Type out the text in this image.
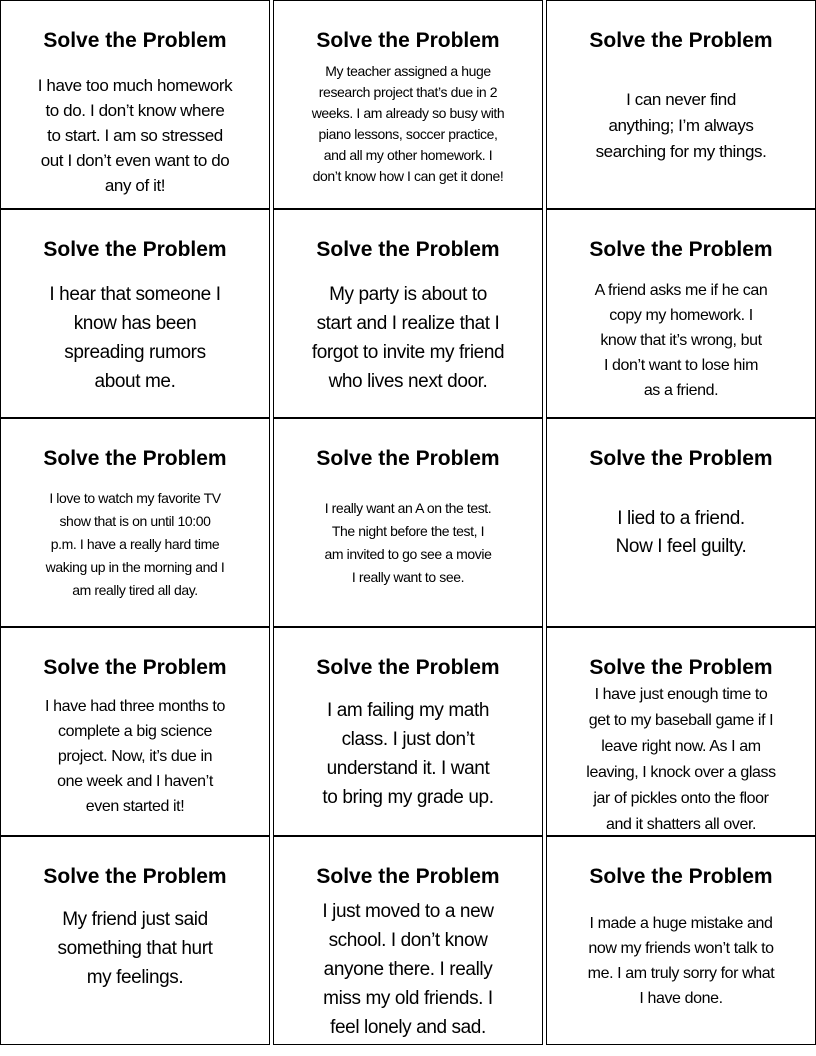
Solve the Problem
I have too much homework
to do. I don’t know where
to start. I am so stressed
out I don’t even want to do
any of it!
Solve the Problem
My teacher assigned a huge
research project that’s due in 2
weeks. I am already so busy with
piano lessons, soccer practice,
and all my other homework. I
don’t know how I can get it done!
Solve the Problem
I can never find
anything; I’m always
searching for my things.
Solve the Problem
I hear that someone I
know has been
spreading rumors
about me.
Solve the Problem
My party is about to
start and I realize that I
forgot to invite my friend
who lives next door.
Solve the Problem
A friend asks me if he can
copy my homework. I
know that it’s wrong, but
I don’t want to lose him
as a friend.
Solve the Problem
I love to watch my favorite TV
show that is on until 10:00
p.m. I have a really hard time
waking up in the morning and I
am really tired all day.
Solve the Problem
I really want an A on the test.
The night before the test, I
am invited to go see a movie
I really want to see.
Solve the Problem
I lied to a friend.
Now I feel guilty.
Solve the Problem
I have had three months to
complete a big science
project. Now, it’s due in
one week and I haven’t
even started it!
Solve the Problem
I am failing my math
class. I just don’t
understand it. I want
to bring my grade up.
Solve the Problem
I have just enough time to
get to my baseball game if I
leave right now. As I am
leaving, I knock over a glass
jar of pickles onto the floor
and it shatters all over.
Solve the Problem
My friend just said
something that hurt
my feelings.
Solve the Problem
I just moved to a new
school. I don’t know
anyone there. I really
miss my old friends. I
feel lonely and sad.
Solve the Problem
I made a huge mistake and
now my friends won’t talk to
me. I am truly sorry for what
I have done.
